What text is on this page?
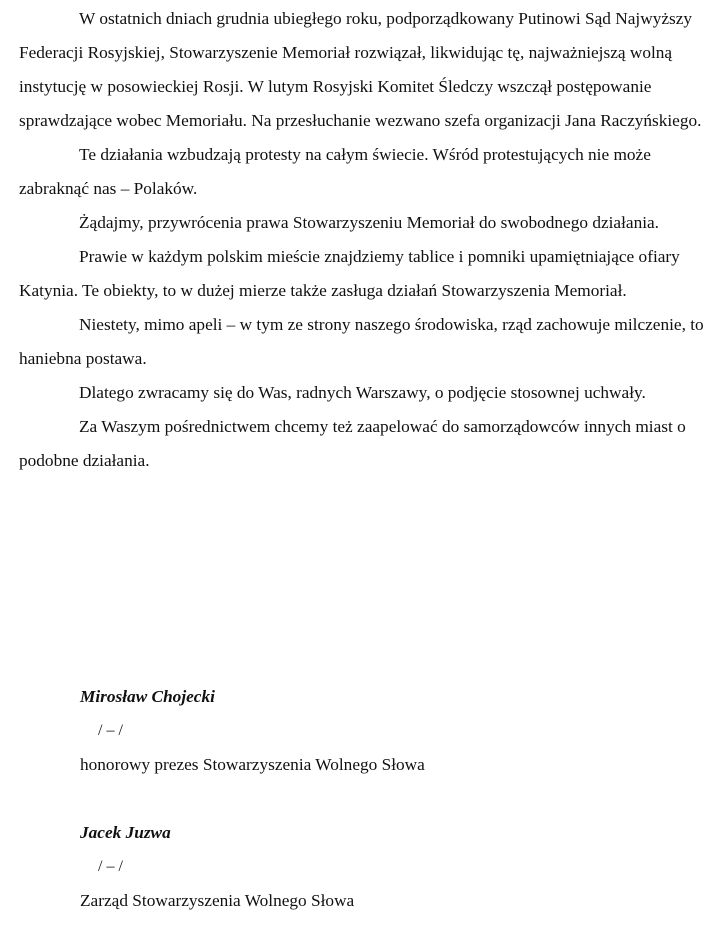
W ostatnich dniach grudnia ubiegłego roku, podporządkowany Putinowi Sąd Najwyższy Federacji Rosyjskiej, Stowarzyszenie Memoriał rozwiązał, likwidując tę, najważniejszą wolną instytucję w posowieckiej Rosji. W lutym Rosyjski Komitet Śledczy wszczął postępowanie sprawdzające wobec Memoriału. Na przesłuchanie wezwano szefa organizacji Jana Raczyńskiego.

Te działania wzbudzają protesty na całym świecie. Wśród protestujących nie może zabraknąć nas – Polaków.

Żądajmy, przywrócenia prawa Stowarzyszeniu Memoriał do swobodnego działania.

Prawie w każdym polskim mieście znajdziemy tablice i pomniki upamiętniające ofiary Katynia. Te obiekty, to w dużej mierze także zasługa działań Stowarzyszenia Memoriał.

Niestety, mimo apeli – w tym ze strony naszego środowiska, rząd zachowuje milczenie, to haniebna postawa.

Dlatego zwracamy się do Was, radnych Warszawy, o podjęcie stosownej uchwały.

Za Waszym pośrednictwem chcemy też zaapelować do samorządowców innych miast o podobne działania.

Mirosław Chojecki
/ – /
honorowy prezes Stowarzyszenia Wolnego Słowa
Jacek Juzwa
/ – /
Zarząd Stowarzyszenia Wolnego Słowa
